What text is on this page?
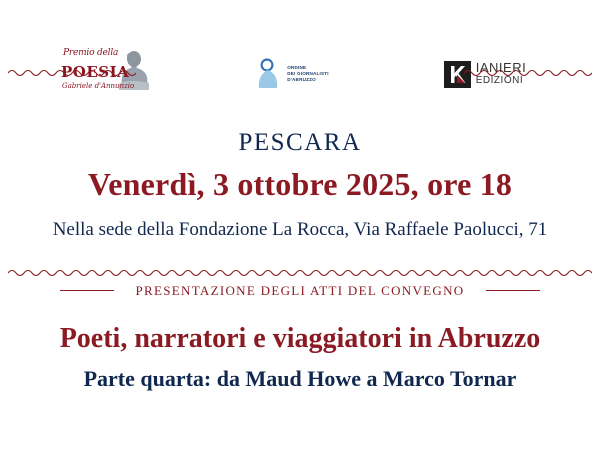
Premio della
POESIA
Gabriele d'Annunzio
ORDINE
DEI GIORNALISTI
D'ABRUZZO
IANIERI
EDIZIONI
PESCARA
Venerdì, 3 ottobre 2025, ore 18
Nella sede della Fondazione La Rocca, Via Raffaele Paolucci, 71
PRESENTAZIONE DEGLI ATTI DEL CONVEGNO
Poeti, narratori e viaggiatori in Abruzzo
Parte quarta: da Maud Howe a Marco Tornar
